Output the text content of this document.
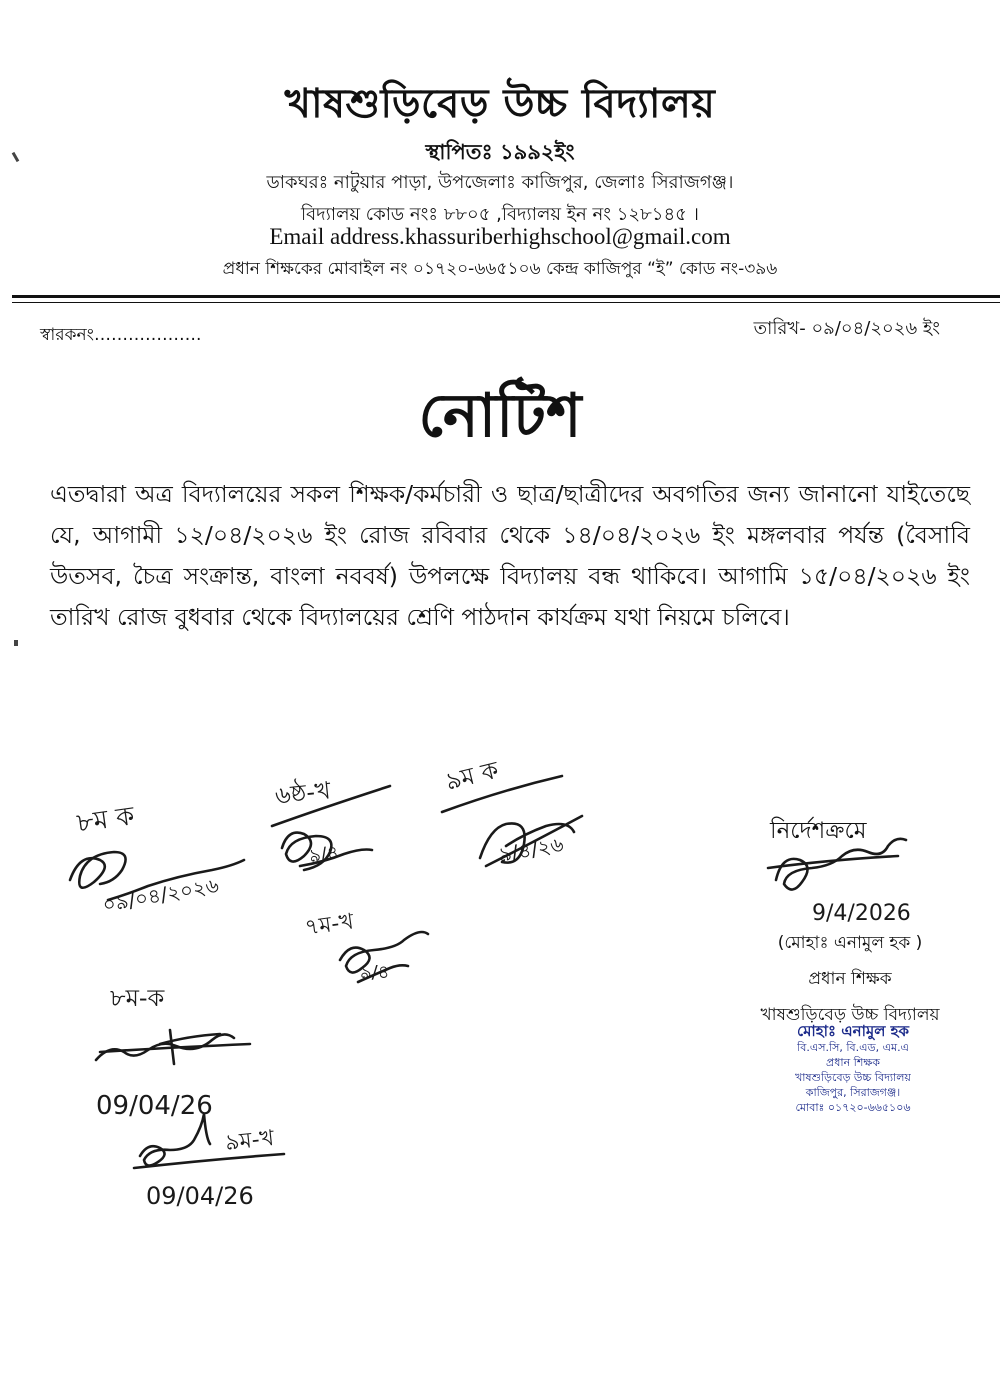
খাষশুড়িবেড় উচ্চ বিদ্যালয়
স্থাপিতঃ ১৯৯২ইং
ডাকঘরঃ নাটুয়ার পাড়া, উপজেলাঃ কাজিপুর, জেলাঃ সিরাজগঞ্জ।
বিদ্যালয় কোড নংঃ ৮৮০৫ ,বিদ্যালয় ইন নং ১২৮১৪৫ ।
Email address.khassuriberhighschool@gmail.com
প্রধান শিক্ষকের মোবাইল নং ০১৭২০-৬৬৫১০৬ কেন্দ্র কাজিপুর “ই” কোড নং-৩৯৬
স্বারকনং……………….	তারিখ- ০৯/০৪/২০২৬ ইং
নোটিশ
এতদ্বারা অত্র বিদ্যালয়ের সকল শিক্ষক/কর্মচারী ও ছাত্র/ছাত্রীদের অবগতির জন্য জানানো যাইতেছে যে, আগামী ১২/০৪/২০২৬ ইং রোজ রবিবার থেকে ১৪/০৪/২০২৬ ইং মঙ্গলবার পর্যন্ত (বৈসাবি উতসব, চৈত্র সংক্রান্ত, বাংলা নববর্ষ) উপলক্ষে বিদ্যালয় বন্ধ থাকিবে। আগামি ১৫/০৪/২০২৬ ইং তারিখ রোজ বুধবার থেকে বিদ্যালয়ের শ্রেণি পাঠদান কার্যক্রম যথা নিয়মে চলিবে।
নির্দেশক্রমে
(মোহাঃ এনামুল হক )
প্রধান শিক্ষক
খাষশুড়িবেড় উচ্চ বিদ্যালয়
মোহাঃ এনামুল হক
বি.এস.সি, বি.এড, এম.এ
প্রধান শিক্ষক
খাষশুড়িবেড় উচ্চ বিদ্যালয়
কাজিপুর, সিরাজগঞ্জ।
মোবাঃ ০১৭২০-৬৬৫১০৬
৮ম ক
০৯/০৪/২০২৬
৬ষ্ঠ-খ
৯/৪
৯ম ক
৯/৪/২৬
৭ম-খ
৯/৪
৮ম-ক
09/04/26
৯ম-খ
09/04/26
9/4/2026
